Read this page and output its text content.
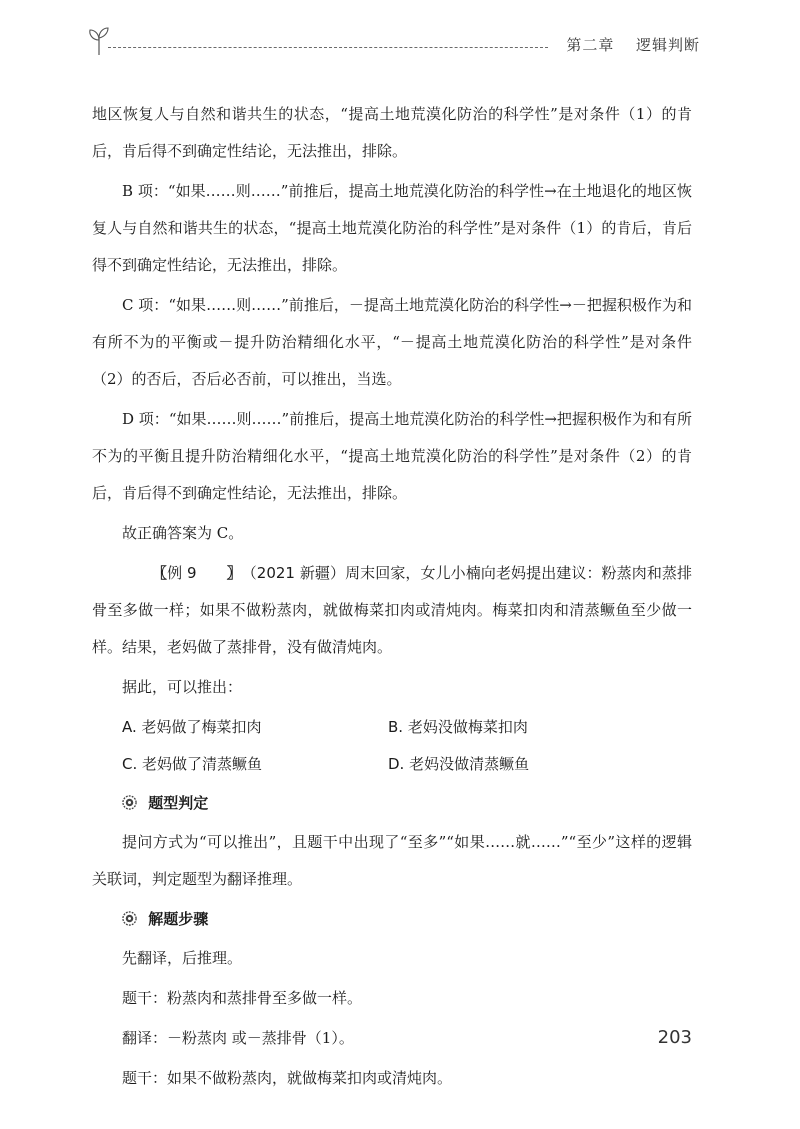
第二章 逻辑判断

地区恢复人与自然和谐共生的状态，“提高土地荒漠化防治的科学性”是对条件（1）的肯后，肯后得不到确定性结论，无法推出，排除。

B 项：“如果……则……”前推后，提高土地荒漠化防治的科学性→在土地退化的地区恢复人与自然和谐共生的状态，“提高土地荒漠化防治的科学性”是对条件（1）的肯后，肯后得不到确定性结论，无法推出，排除。

C 项：“如果……则……”前推后，－提高土地荒漠化防治的科学性→－把握积极作为和有所不为的平衡或－提升防治精细化水平，“－提高土地荒漠化防治的科学性”是对条件（2）的否后，否后必否前，可以推出，当选。

D 项：“如果……则……”前推后，提高土地荒漠化防治的科学性→把握积极作为和有所不为的平衡且提升防治精细化水平，“提高土地荒漠化防治的科学性”是对条件（2）的肯后，肯后得不到确定性结论，无法推出，排除。

故正确答案为 C。

〖例 9 〗（2021 新疆）周末回家，女儿小楠向老妈提出建议：粉蒸肉和蒸排骨至多做一样；如果不做粉蒸肉，就做梅菜扣肉或清炖肉。梅菜扣肉和清蒸鳜鱼至少做一样。结果，老妈做了蒸排骨，没有做清炖肉。

据此，可以推出：

A. 老妈做了梅菜扣肉	B. 老妈没做梅菜扣肉
C. 老妈做了清蒸鳜鱼	D. 老妈没做清蒸鳜鱼
题型判定

提问方式为“可以推出”，且题干中出现了“至多”“如果……就……”“至少”这样的逻辑关联词，判定题型为翻译推理。

解题步骤

先翻译，后推理。

题干：粉蒸肉和蒸排骨至多做一样。

翻译：－粉蒸肉 或－蒸排骨（1）。

题干：如果不做粉蒸肉，就做梅菜扣肉或清炖肉。

203
